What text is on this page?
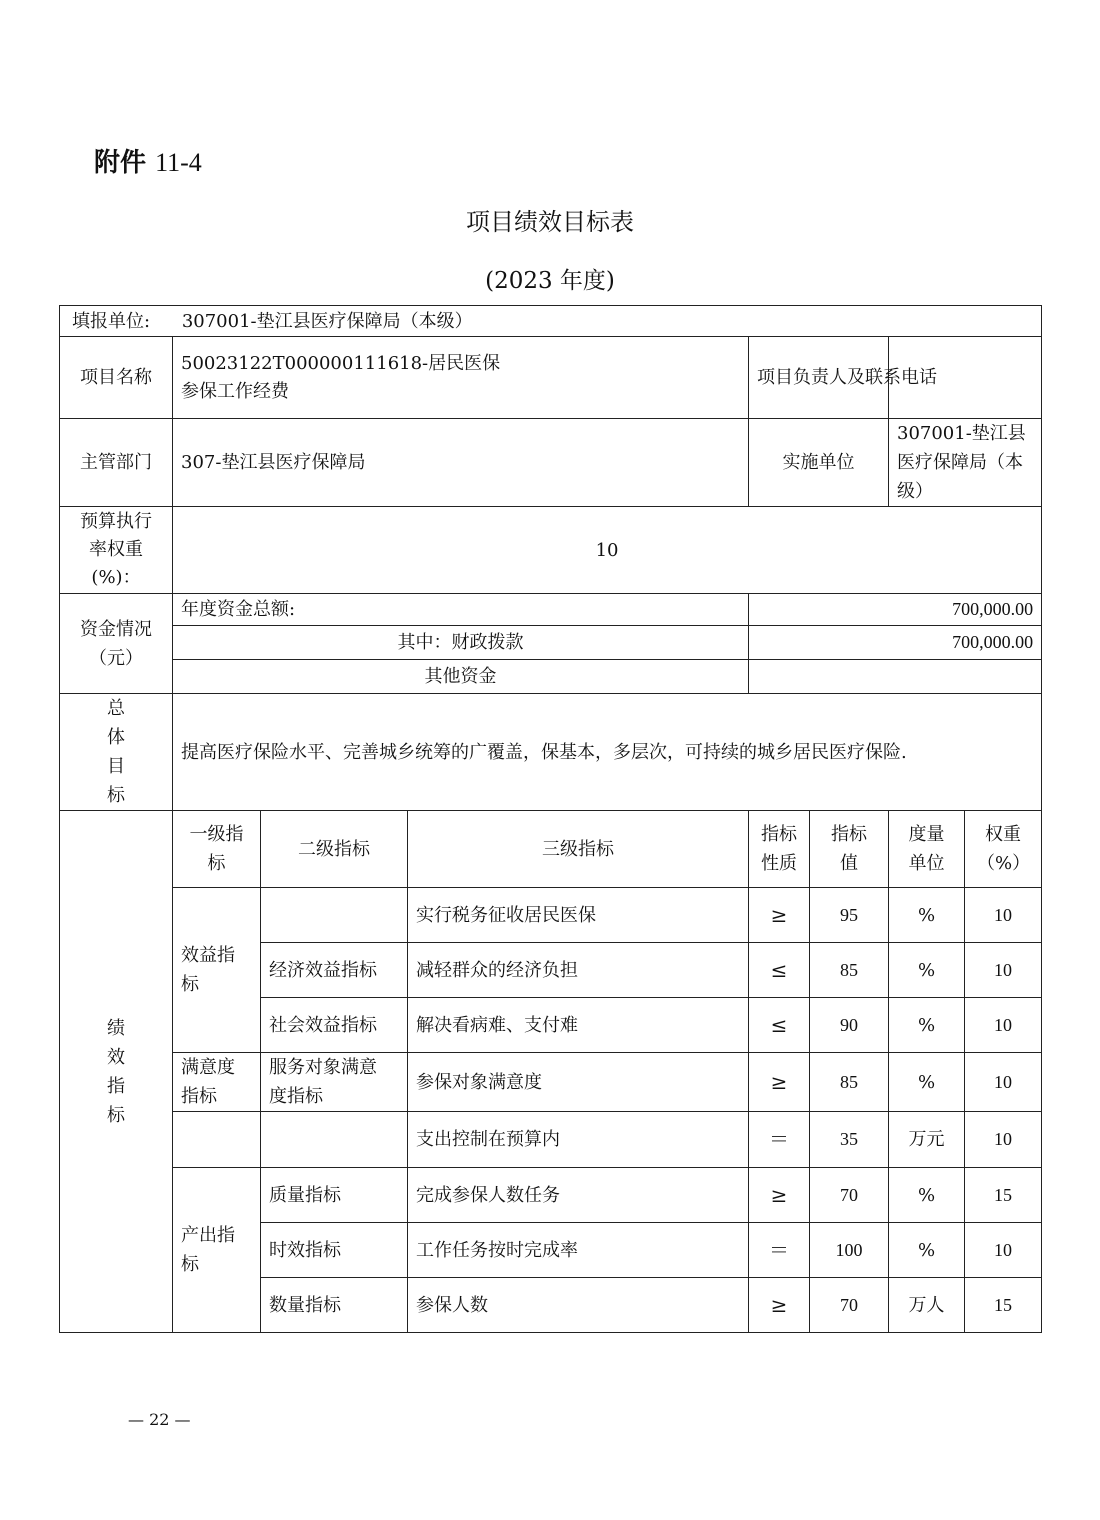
附件 11-4
项目绩效目标表
(2023 年度)
填报单位: 307001-垫江县医疗保障局（本级）							
项目名称	50023122T000000111618-居民医保参保工作经费			项目负责人及联系电话			
主管部门	307-垫江县医疗保障局			实施单位		307001-垫江县医疗保障局（本级）	
预算执行率权重(%)：	10						
资金情况（元）	年度资金总额:			700,000.00			
	其中：财政拨款			700,000.00			
	其他资金						

总
体
目
标	提高医疗保险水平、完善城乡统筹的广覆盖，保基本，多层次，可持续的城乡居民医疗保险.						

绩
效
指
标	一级指标	二级指标	三级指标	指标性质	指标值	度量单位	权重（%）
	效益指标		实行税务征收居民医保	≥	95	%	10
		经济效益指标	减轻群众的经济负担	≤	85	%	10
		社会效益指标	解决看病难、支付难	≤	90	%	10
	满意度指标	服务对象满意度指标	参保对象满意度	≥	85	%	10
			支出控制在预算内	＝	35	万元	10
	产出指标	质量指标	完成参保人数任务	≥	70	%	15
		时效指标	工作任务按时完成率	＝	100	%	10
		数量指标	参保人数	≥	70	万人	15
— 22 —
